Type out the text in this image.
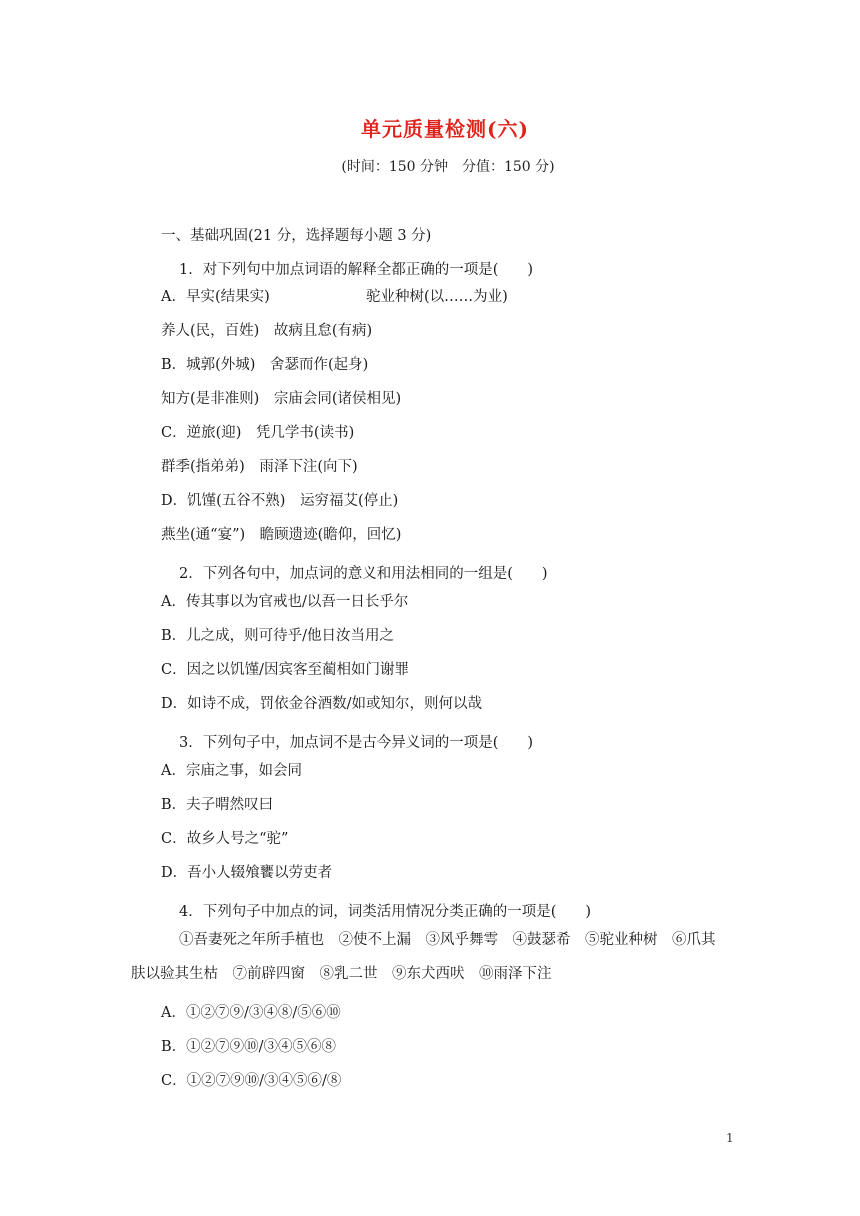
单元质量检测(六)
(时间：150 分钟　分值：150 分)
一、基础巩固(21 分，选择题每小题 3 分)
1．对下列句中加点词语的解释全都正确的一项是(　　)
A．早实(结果实)	驼业种树(以……为业)
养人(民，百姓)　故病且怠(有病)
B．城郭(外城)　舍瑟而作(起身)
知方(是非准则)　宗庙会同(诸侯相见)
C．逆旅(迎)　凭几学书(读书)
群季(指弟弟)　雨泽下注(向下)
D．饥馑(五谷不熟)　运穷福艾(停止)
燕坐(通“宴”)　瞻顾遗迹(瞻仰，回忆)
2．下列各句中，加点词的意义和用法相同的一组是(　　)
A．传其事以为官戒也/以吾一日长乎尔
B．儿之成，则可待乎/他日汝当用之
C．因之以饥馑/因宾客至蔺相如门谢罪
D．如诗不成，罚依金谷酒数/如或知尔，则何以哉
3．下列句子中，加点词不是古今异义词的一项是(　　)
A．宗庙之事，如会同
B．夫子喟然叹曰
C．故乡人号之“驼”
D．吾小人辍飧饔以劳吏者
4．下列句子中加点的词，词类活用情况分类正确的一项是(　　)
①吾妻死之年所手植也　②使不上漏　③风乎舞雩　④鼓瑟希　⑤驼业种树　⑥爪其
肤以验其生枯　⑦前辟四窗　⑧乳二世　⑨东犬西吠　⑩雨泽下注
A．①②⑦⑨/③④⑧/⑤⑥⑩
B．①②⑦⑨⑩/③④⑤⑥⑧
C．①②⑦⑨⑩/③④⑤⑥/⑧
1
